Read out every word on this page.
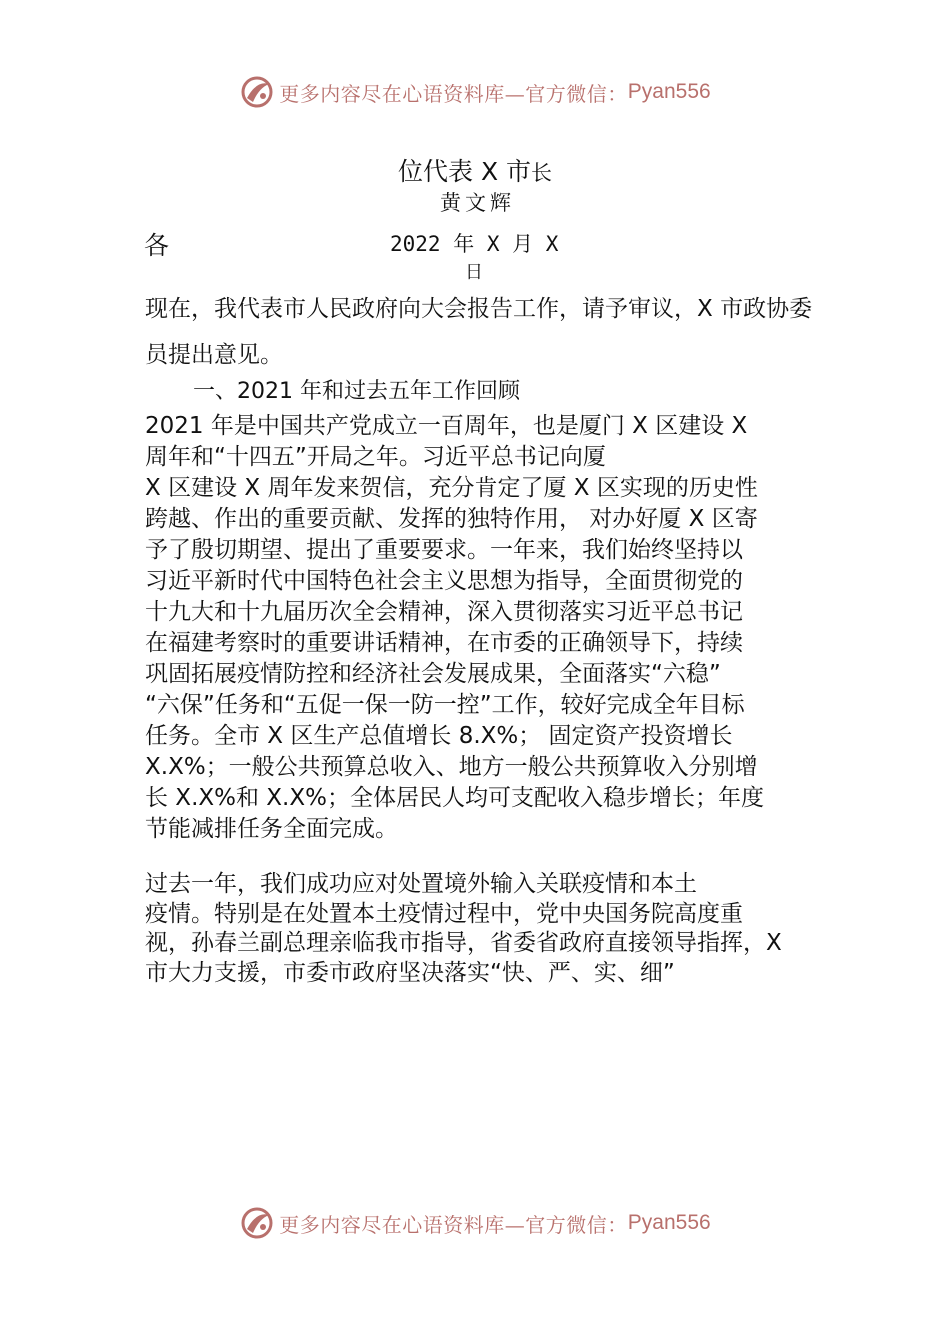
更多内容尽在心语资料库—官方微信： Pyan556
位代表 X 市长
黄文辉
各	2022 年 X 月 X
日
现在，我代表市人民政府向大会报告工作，请予审议，X 市政协委员提出意见。
一、2021 年和过去五年工作回顾
2021 年是中国共产党成立一百周年，也是厦门 X 区建设 X
周年和“十四五”开局之年。习近平总书记向厦
X 区建设 X 周年发来贺信，充分肯定了厦 X 区实现的历史性
跨越、作出的重要贡献、发挥的独特作用， 对办好厦 X 区寄
予了殷切期望、提出了重要要求。一年来，我们始终坚持以
习近平新时代中国特色社会主义思想为指导，全面贯彻党的
十九大和十九届历次全会精神，深入贯彻落实习近平总书记
在福建考察时的重要讲话精神，在市委的正确领导下，持续
巩固拓展疫情防控和经济社会发展成果，全面落实“六稳”
“六保”任务和“五促一保一防一控”工作，较好完成全年目标
任务。全市 X 区生产总值增长 8.X%； 固定资产投资增长
X.X%；一般公共预算总收入、地方一般公共预算收入分别增
长 X.X%和 X.X%；全体居民人均可支配收入稳步增长；年度
节能减排任务全面完成。
过去一年，我们成功应对处置境外输入关联疫情和本土
疫情。特别是在处置本土疫情过程中，党中央国务院高度重
视，孙春兰副总理亲临我市指导，省委省政府直接领导指挥，X
市大力支援，市委市政府坚决落实“快、严、实、细”
更多内容尽在心语资料库—官方微信： Pyan556
